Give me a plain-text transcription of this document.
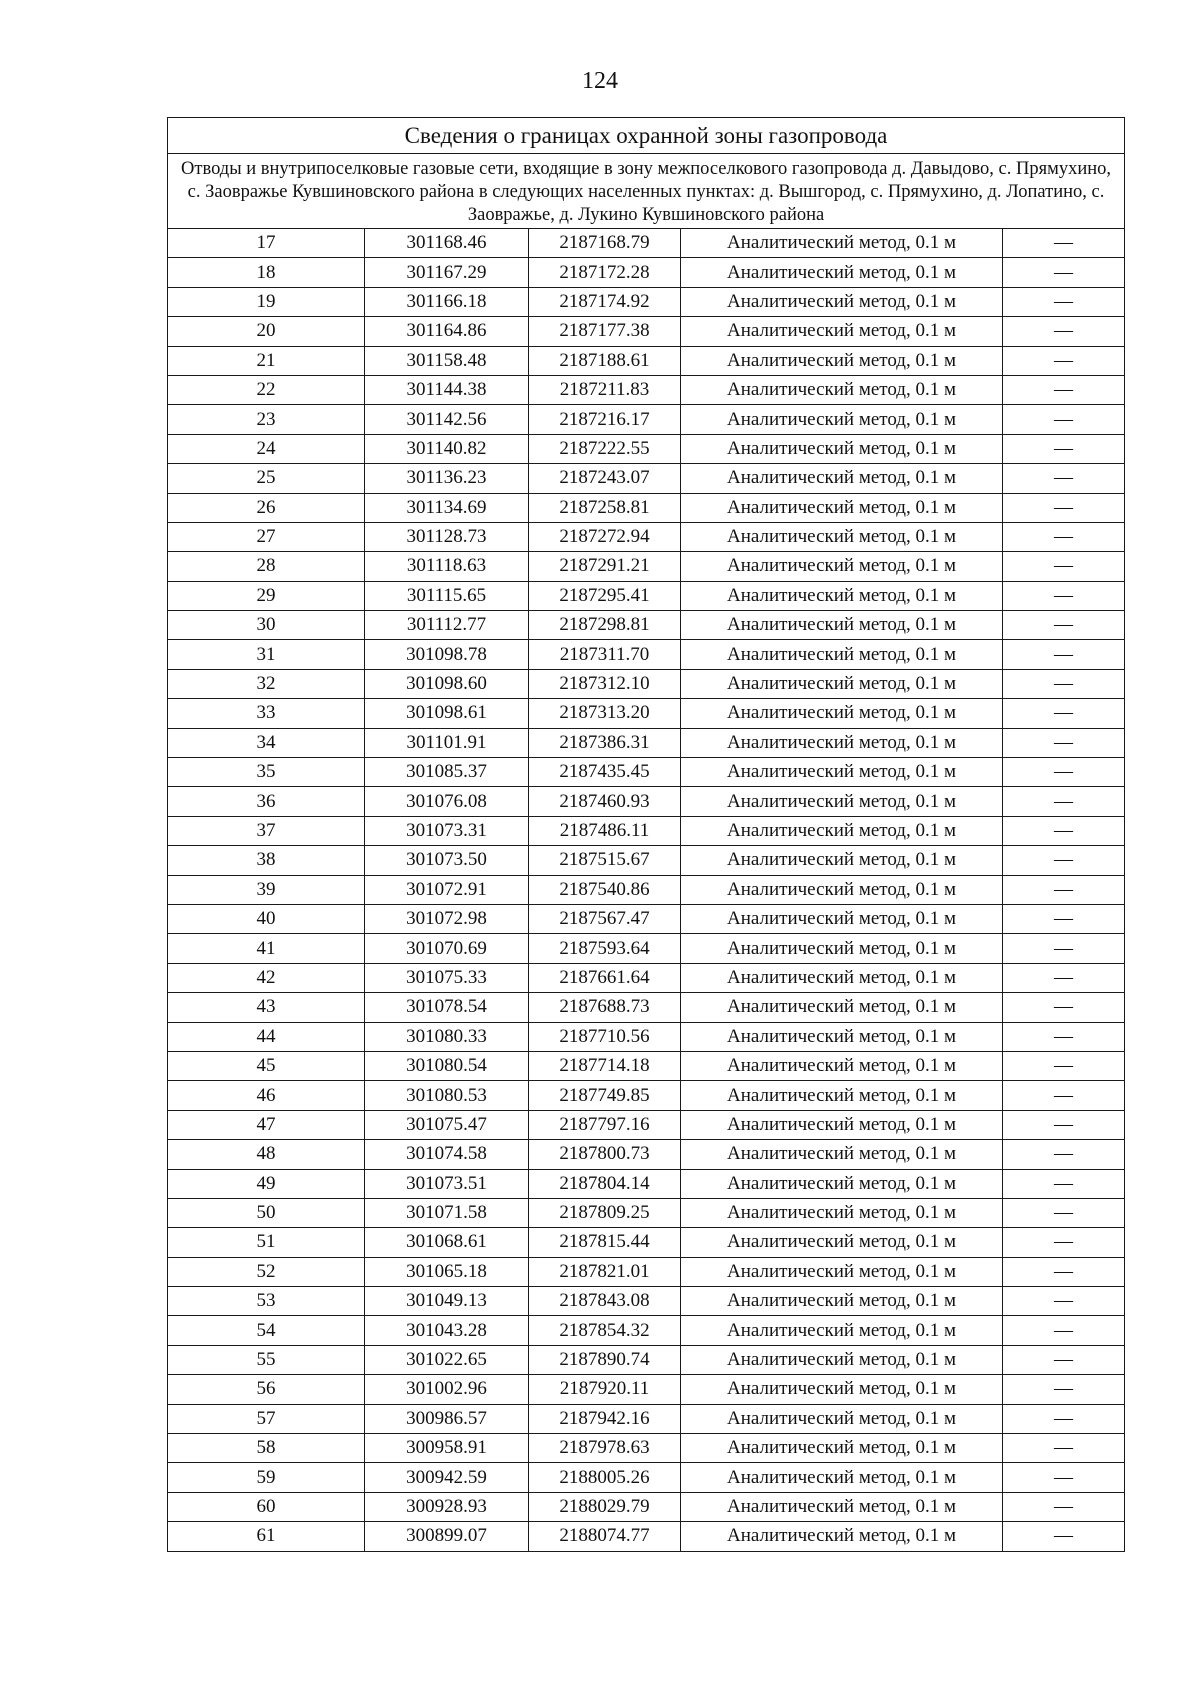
124
Сведения о границах охранной зоны газопровода				
Отводы и внутрипоселковые газовые сети, входящие в зону межпоселкового газопровода д. Давыдово, с. Прямухино, с. Заовражье Кувшиновского района в следующих населенных пунктах: д. Вышгород, с. Прямухино, д. Лопатино, с. Заовражье, д. Лукино Кувшиновского района				
17	301168.46	2187168.79	Аналитический метод, 0.1 м	—
18	301167.29	2187172.28	Аналитический метод, 0.1 м	—
19	301166.18	2187174.92	Аналитический метод, 0.1 м	—
20	301164.86	2187177.38	Аналитический метод, 0.1 м	—
21	301158.48	2187188.61	Аналитический метод, 0.1 м	—
22	301144.38	2187211.83	Аналитический метод, 0.1 м	—
23	301142.56	2187216.17	Аналитический метод, 0.1 м	—
24	301140.82	2187222.55	Аналитический метод, 0.1 м	—
25	301136.23	2187243.07	Аналитический метод, 0.1 м	—
26	301134.69	2187258.81	Аналитический метод, 0.1 м	—
27	301128.73	2187272.94	Аналитический метод, 0.1 м	—
28	301118.63	2187291.21	Аналитический метод, 0.1 м	—
29	301115.65	2187295.41	Аналитический метод, 0.1 м	—
30	301112.77	2187298.81	Аналитический метод, 0.1 м	—
31	301098.78	2187311.70	Аналитический метод, 0.1 м	—
32	301098.60	2187312.10	Аналитический метод, 0.1 м	—
33	301098.61	2187313.20	Аналитический метод, 0.1 м	—
34	301101.91	2187386.31	Аналитический метод, 0.1 м	—
35	301085.37	2187435.45	Аналитический метод, 0.1 м	—
36	301076.08	2187460.93	Аналитический метод, 0.1 м	—
37	301073.31	2187486.11	Аналитический метод, 0.1 м	—
38	301073.50	2187515.67	Аналитический метод, 0.1 м	—
39	301072.91	2187540.86	Аналитический метод, 0.1 м	—
40	301072.98	2187567.47	Аналитический метод, 0.1 м	—
41	301070.69	2187593.64	Аналитический метод, 0.1 м	—
42	301075.33	2187661.64	Аналитический метод, 0.1 м	—
43	301078.54	2187688.73	Аналитический метод, 0.1 м	—
44	301080.33	2187710.56	Аналитический метод, 0.1 м	—
45	301080.54	2187714.18	Аналитический метод, 0.1 м	—
46	301080.53	2187749.85	Аналитический метод, 0.1 м	—
47	301075.47	2187797.16	Аналитический метод, 0.1 м	—
48	301074.58	2187800.73	Аналитический метод, 0.1 м	—
49	301073.51	2187804.14	Аналитический метод, 0.1 м	—
50	301071.58	2187809.25	Аналитический метод, 0.1 м	—
51	301068.61	2187815.44	Аналитический метод, 0.1 м	—
52	301065.18	2187821.01	Аналитический метод, 0.1 м	—
53	301049.13	2187843.08	Аналитический метод, 0.1 м	—
54	301043.28	2187854.32	Аналитический метод, 0.1 м	—
55	301022.65	2187890.74	Аналитический метод, 0.1 м	—
56	301002.96	2187920.11	Аналитический метод, 0.1 м	—
57	300986.57	2187942.16	Аналитический метод, 0.1 м	—
58	300958.91	2187978.63	Аналитический метод, 0.1 м	—
59	300942.59	2188005.26	Аналитический метод, 0.1 м	—
60	300928.93	2188029.79	Аналитический метод, 0.1 м	—
61	300899.07	2188074.77	Аналитический метод, 0.1 м	—
